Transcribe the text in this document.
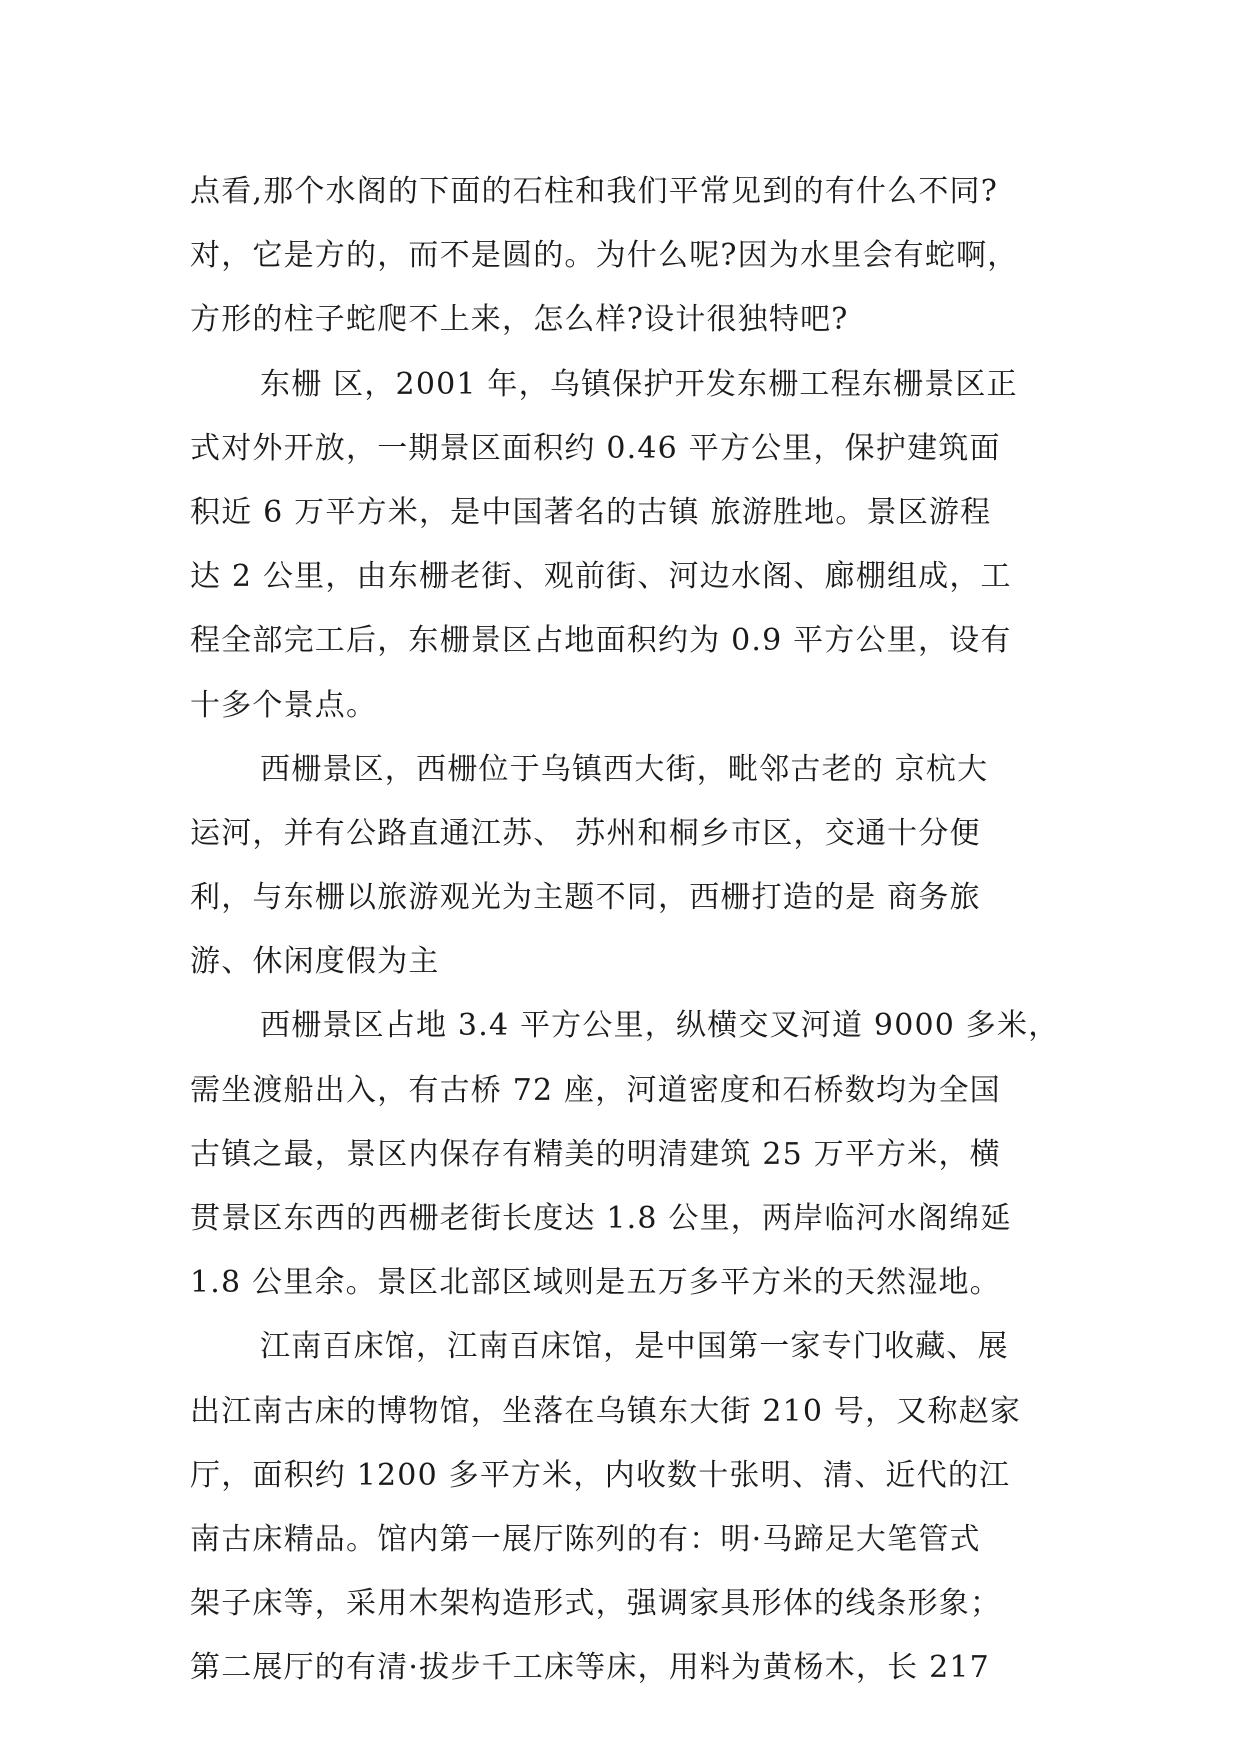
点看,那个水阁的下面的石柱和我们平常见到的有什么不同?
对，它是方的，而不是圆的。为什么呢?因为水里会有蛇啊，
方形的柱子蛇爬不上来，怎么样?设计很独特吧?
东栅 区，2001 年，乌镇保护开发东栅工程东栅景区正
式对外开放，一期景区面积约 0.46 平方公里，保护建筑面
积近 6 万平方米，是中国著名的古镇 旅游胜地。景区游程
达 2 公里，由东栅老街、观前街、河边水阁、廊棚组成，工
程全部完工后，东栅景区占地面积约为 0.9 平方公里，设有
十多个景点。
西栅景区，西栅位于乌镇西大街，毗邻古老的 京杭大
运河，并有公路直通江苏、 苏州和桐乡市区，交通十分便
利，与东栅以旅游观光为主题不同，西栅打造的是 商务旅
游、休闲度假为主
西栅景区占地 3.4 平方公里，纵横交叉河道 9000 多米，
需坐渡船出入，有古桥 72 座，河道密度和石桥数均为全国
古镇之最，景区内保存有精美的明清建筑 25 万平方米，横
贯景区东西的西栅老街长度达 1.8 公里，两岸临河水阁绵延
1.8 公里余。景区北部区域则是五万多平方米的天然湿地。
江南百床馆，江南百床馆，是中国第一家专门收藏、展
出江南古床的博物馆，坐落在乌镇东大街 210 号，又称赵家
厅，面积约 1200 多平方米，内收数十张明、清、近代的江
南古床精品。馆内第一展厅陈列的有：明·马蹄足大笔管式
架子床等，采用木架构造形式，强调家具形体的线条形象；
第二展厅的有清·拔步千工床等床，用料为黄杨木，长 217
